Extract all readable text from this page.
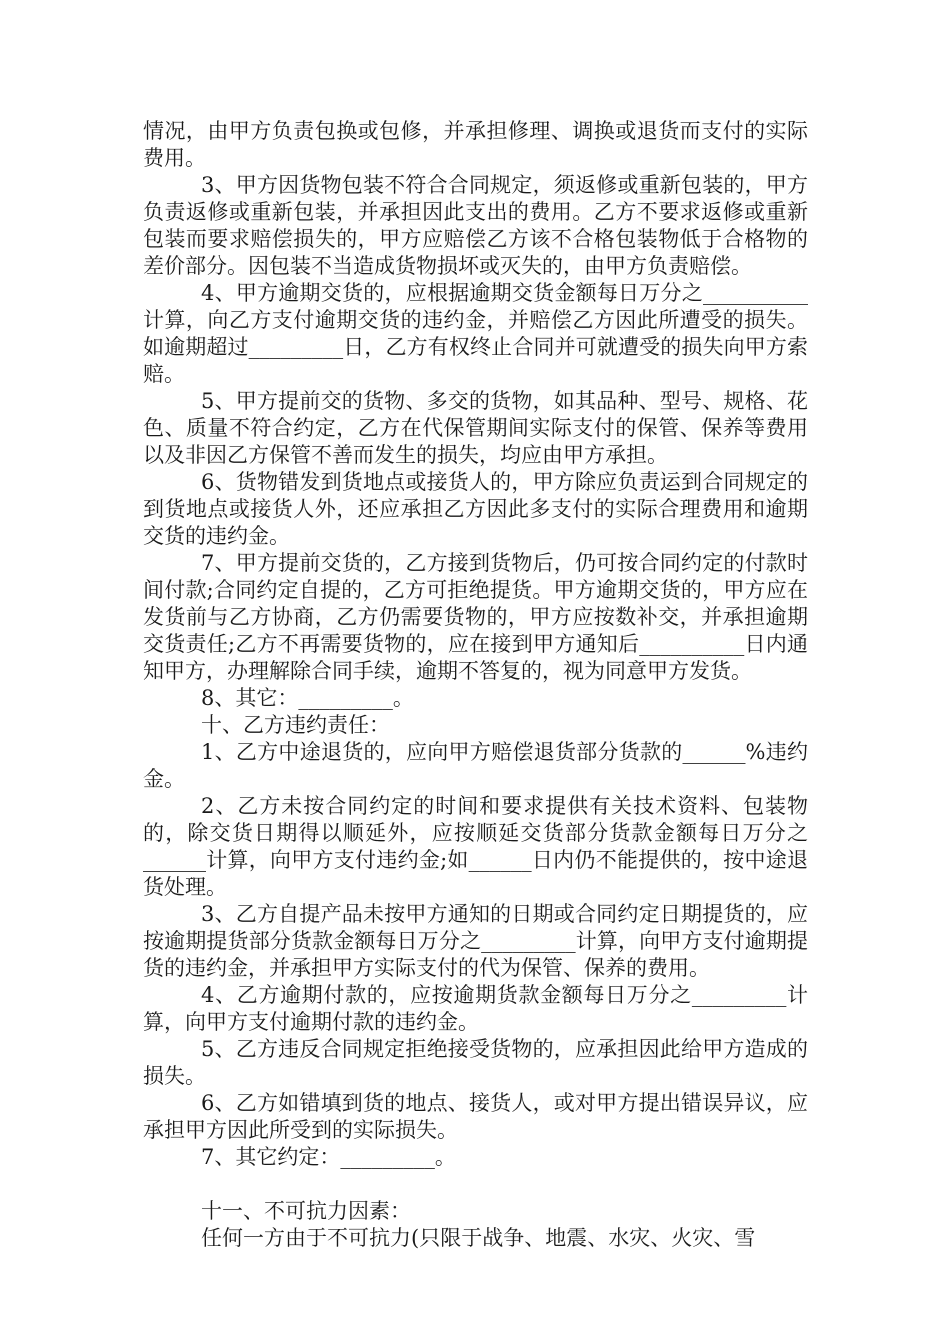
情况，由甲方负责包换或包修，并承担修理、调换或退货而支付的实际费用。

3、甲方因货物包装不符合合同规定，须返修或重新包装的，甲方负责返修或重新包装，并承担因此支出的费用。乙方不要求返修或重新包装而要求赔偿损失的，甲方应赔偿乙方该不合格包装物低于合格物的差价部分。因包装不当造成货物损坏或灭失的，由甲方负责赔偿。

4、甲方逾期交货的，应根据逾期交货金额每日万分之__________计算，向乙方支付逾期交货的违约金，并赔偿乙方因此所遭受的损失。如逾期超过_________日，乙方有权终止合同并可就遭受的损失向甲方索赔。

5、甲方提前交的货物、多交的货物，如其品种、型号、规格、花色、质量不符合约定，乙方在代保管期间实际支付的保管、保养等费用以及非因乙方保管不善而发生的损失，均应由甲方承担。

6、货物错发到货地点或接货人的，甲方除应负责运到合同规定的到货地点或接货人外，还应承担乙方因此多支付的实际合理费用和逾期交货的违约金。

7、甲方提前交货的，乙方接到货物后，仍可按合同约定的付款时间付款;合同约定自提的，乙方可拒绝提货。甲方逾期交货的，甲方应在发货前与乙方协商，乙方仍需要货物的，甲方应按数补交，并承担逾期交货责任;乙方不再需要货物的，应在接到甲方通知后__________日内通知甲方，办理解除合同手续，逾期不答复的，视为同意甲方发货。

8、其它：_________。

十、乙方违约责任：

1、乙方中途退货的，应向甲方赔偿退货部分货款的______%违约金。

2、乙方未按合同约定的时间和要求提供有关技术资料、包装物的，除交货日期得以顺延外，应按顺延交货部分货款金额每日万分之______计算，向甲方支付违约金;如______日内仍不能提供的，按中途退货处理。

3、乙方自提产品未按甲方通知的日期或合同约定日期提货的，应按逾期提货部分货款金额每日万分之_________计算，向甲方支付逾期提货的违约金，并承担甲方实际支付的代为保管、保养的费用。

4、乙方逾期付款的，应按逾期货款金额每日万分之_________计算，向甲方支付逾期付款的违约金。

5、乙方违反合同规定拒绝接受货物的，应承担因此给甲方造成的损失。

6、乙方如错填到货的地点、接货人，或对甲方提出错误异议，应承担甲方因此所受到的实际损失。

7、其它约定：_________。

十一、不可抗力因素：

任何一方由于不可抗力(只限于战争、地震、水灾、火灾、雪
